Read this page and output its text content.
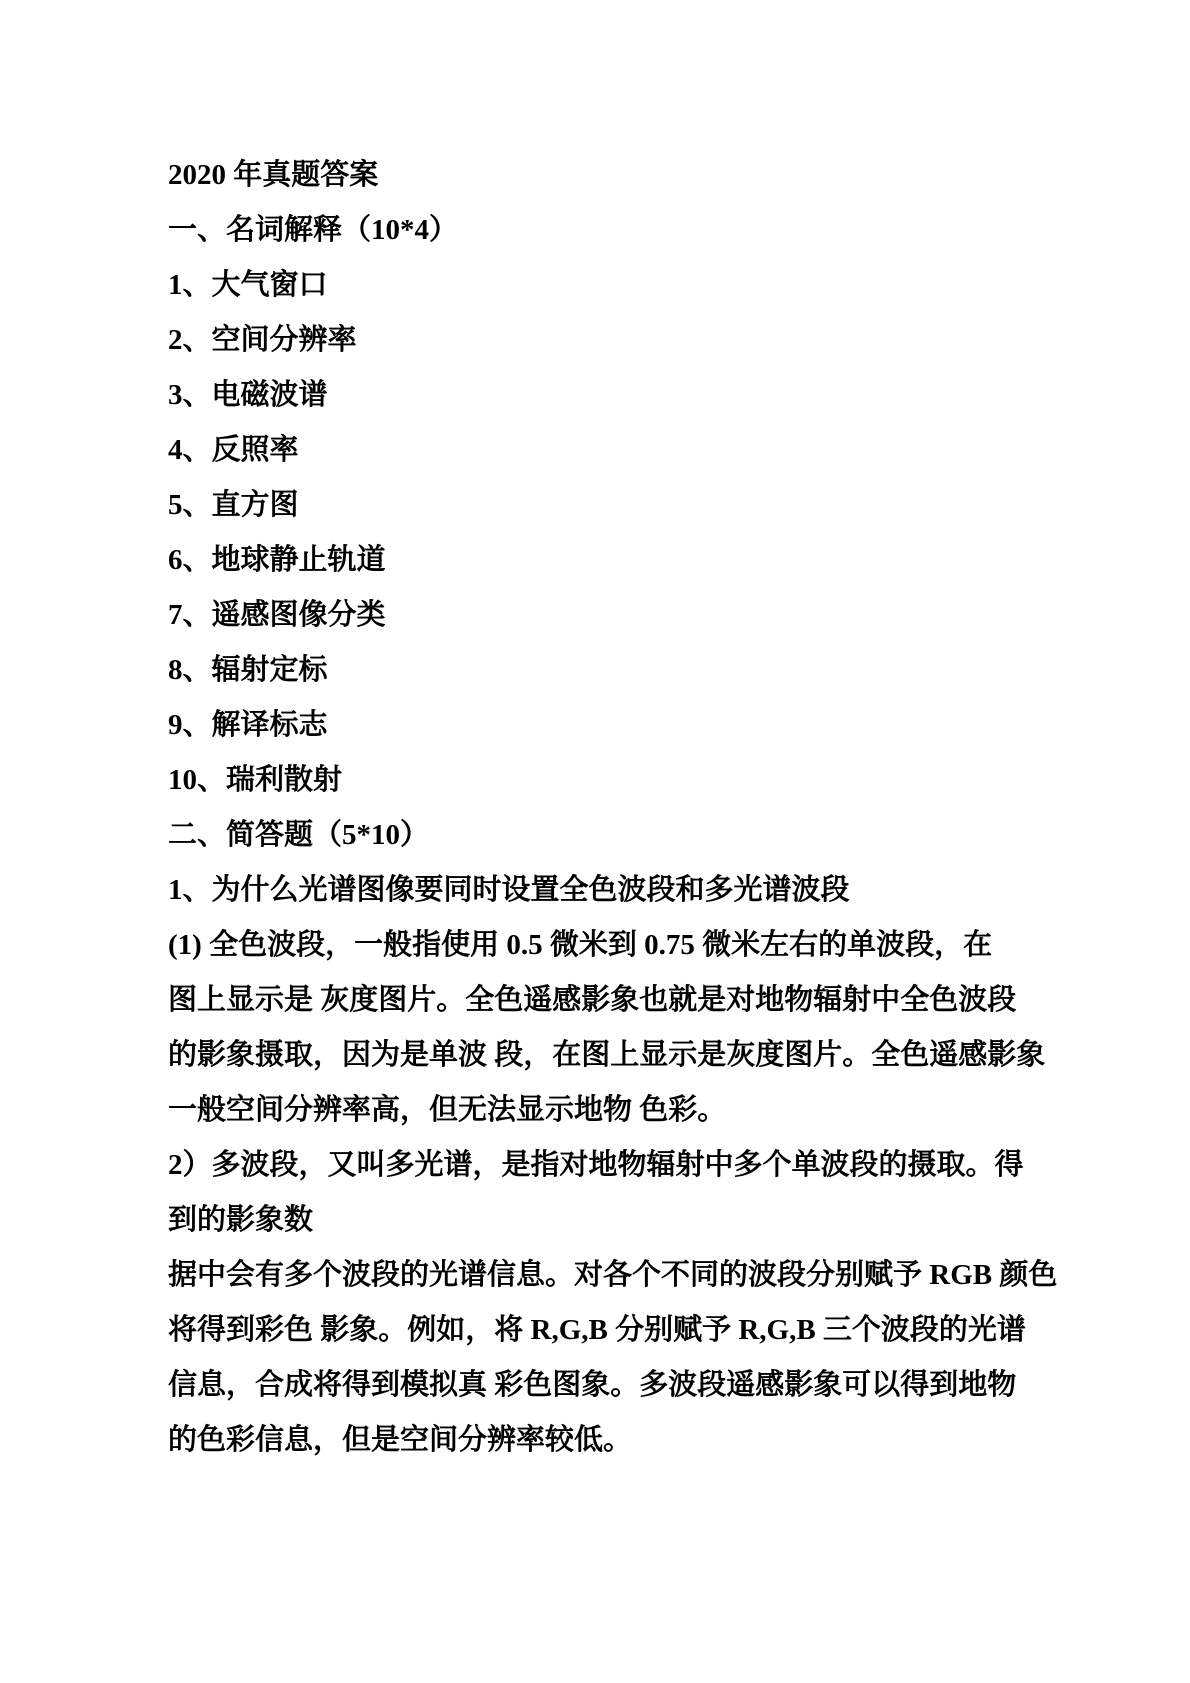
2020 年真题答案
一、名词解释（10*4）
1、大气窗口
2、空间分辨率
3、电磁波谱
4、反照率
5、直方图
6、地球静止轨道
7、遥感图像分类
8、辐射定标
9、解译标志
10、瑞利散射
二、简答题（5*10）
1、为什么光谱图像要同时设置全色波段和多光谱波段
(1) 全色波段，一般指使用 0.5 微米到 0.75 微米左右的单波段，在
图上显示是 灰度图片。全色遥感影象也就是对地物辐射中全色波段
的影象摄取，因为是单波 段，在图上显示是灰度图片。全色遥感影象
一般空间分辨率高，但无法显示地物 色彩。
2）多波段，又叫多光谱，是指对地物辐射中多个单波段的摄取。得
到的影象数
据中会有多个波段的光谱信息。对各个不同的波段分别赋予 RGB 颜色
将得到彩色 影象。例如，将 R,G,B 分别赋予 R,G,B 三个波段的光谱
信息，合成将得到模拟真 彩色图象。多波段遥感影象可以得到地物
的色彩信息，但是空间分辨率较低。
